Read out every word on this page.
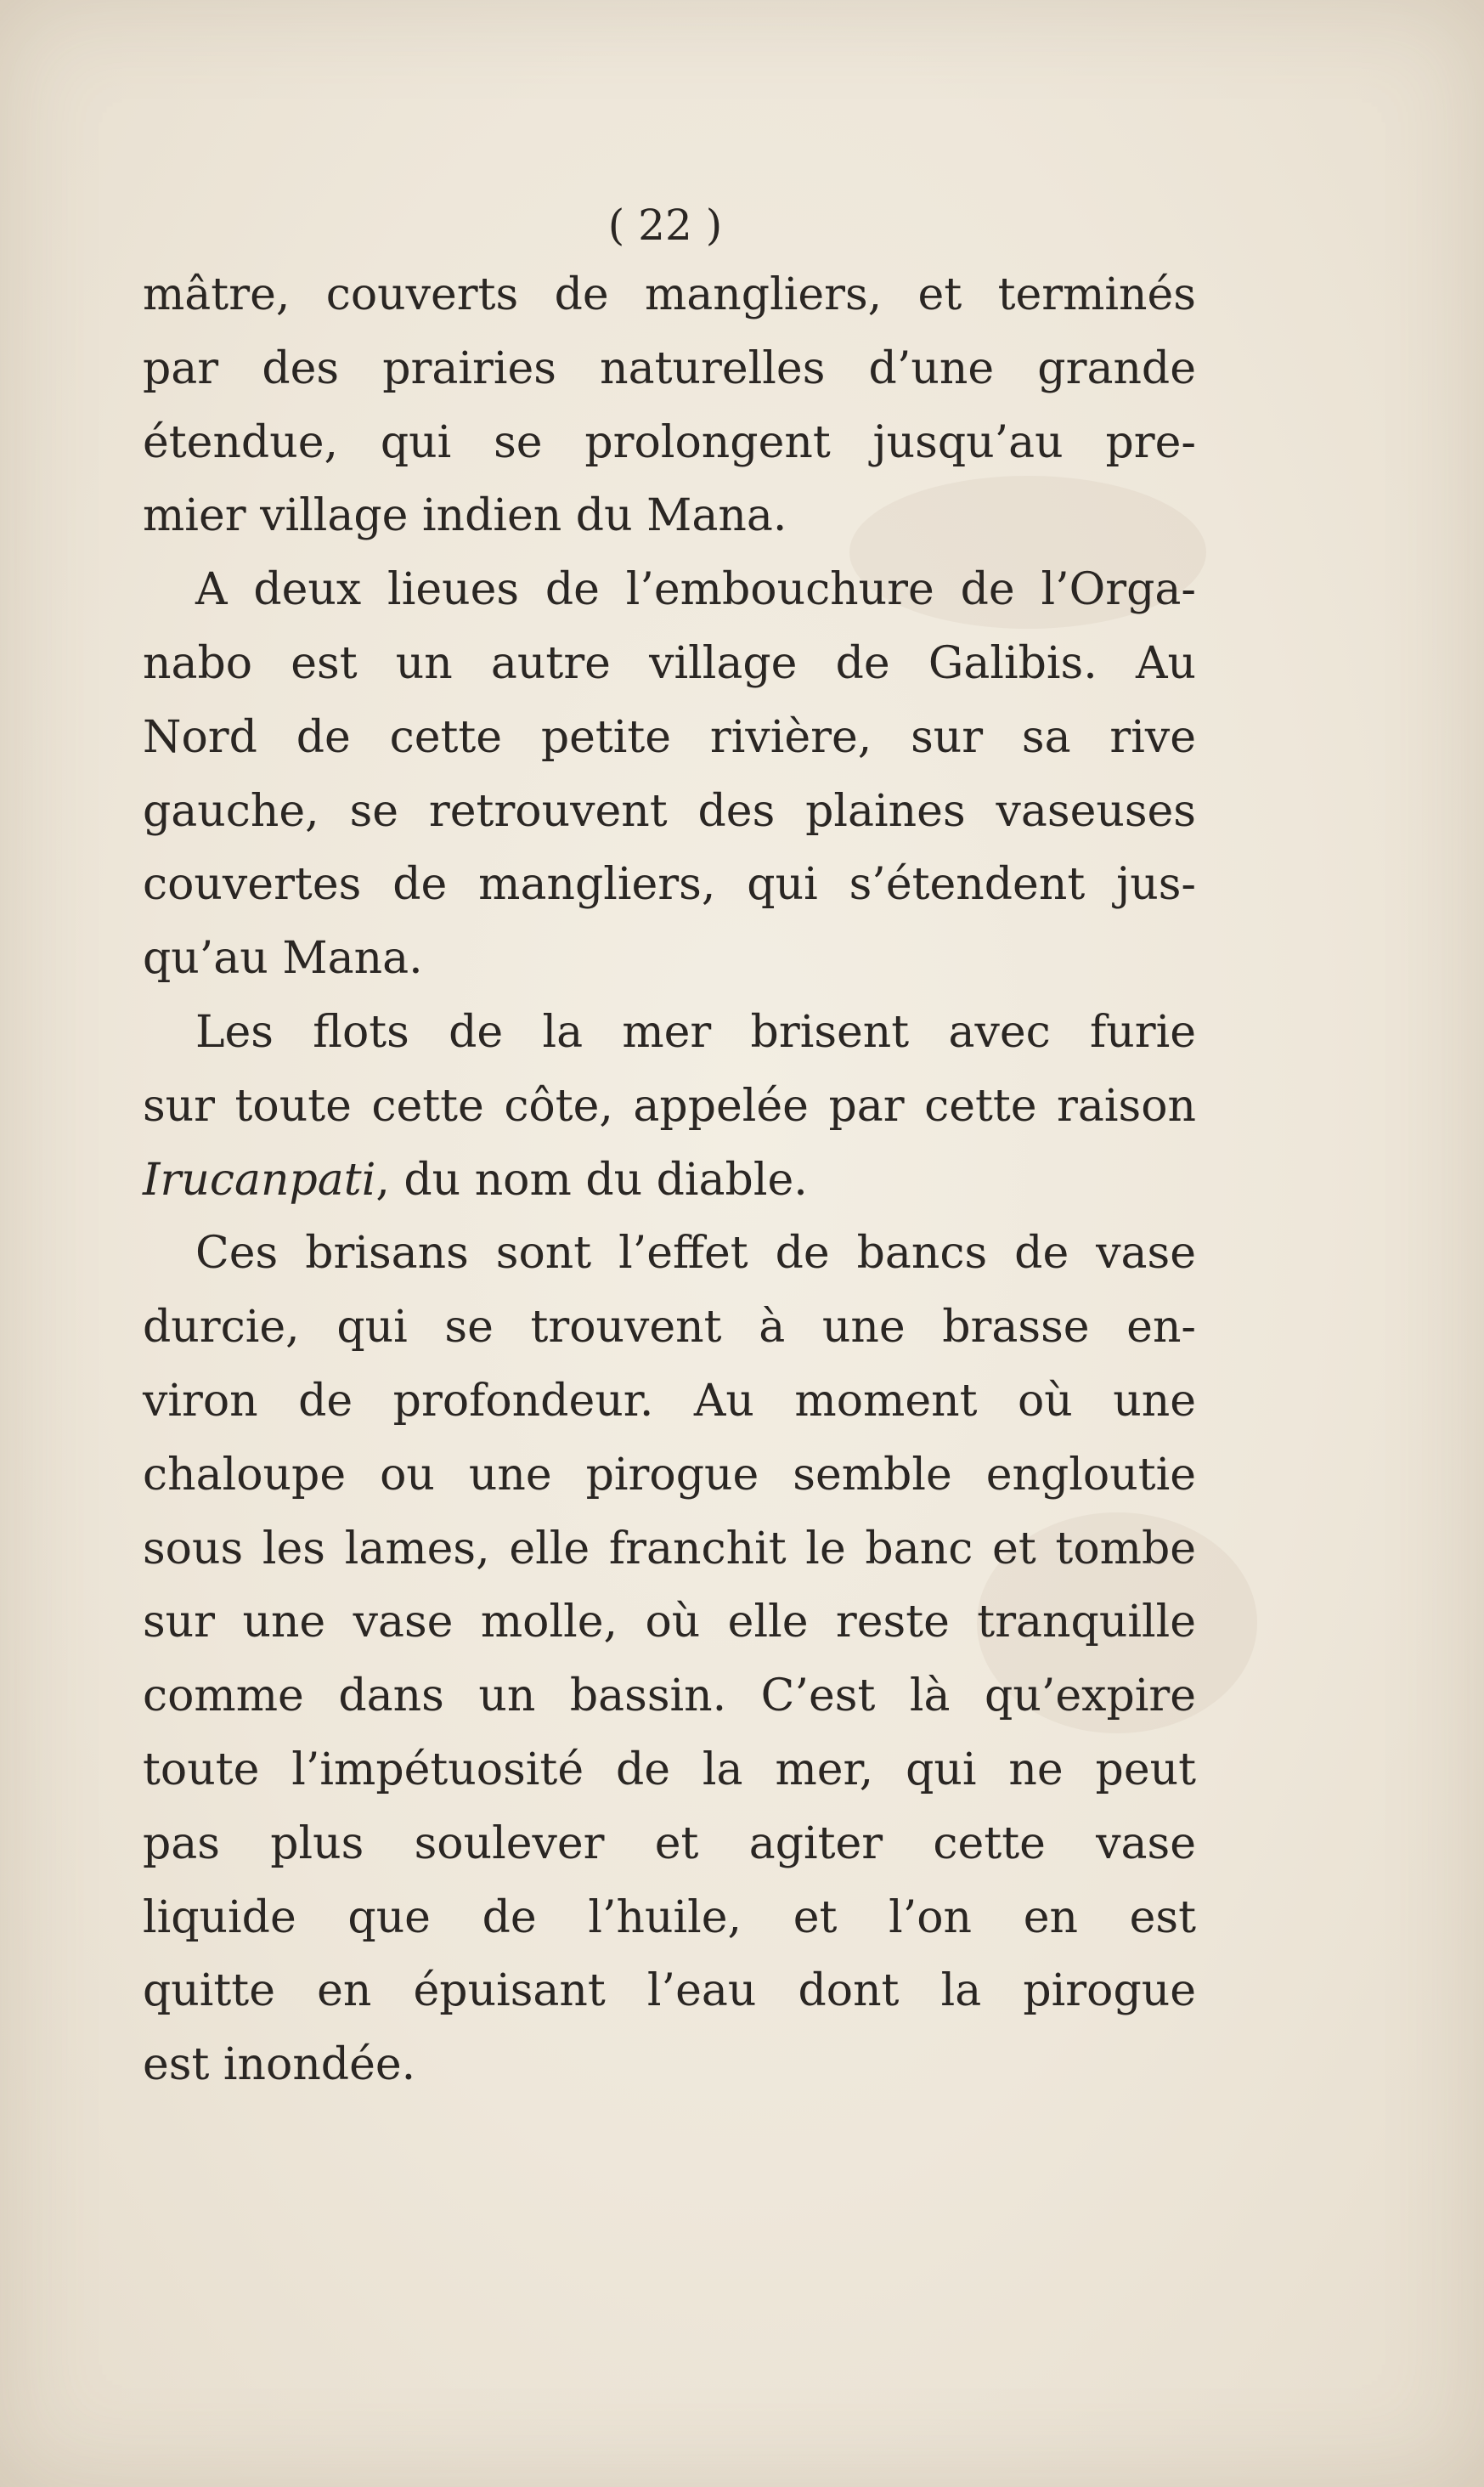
( 22 )
mâtre, couverts de mangliers, et terminés
par des prairies naturelles d’une grande
étendue, qui se prolongent jusqu’au pre-
mier village indien du Mana.
A deux lieues de l’embouchure de l’Orga-
nabo est un autre village de Galibis. Au
Nord de cette petite rivière, sur sa rive
gauche, se retrouvent des plaines vaseuses
couvertes de mangliers, qui s’étendent jus-
qu’au Mana.
Les flots de la mer brisent avec furie
sur toute cette côte, appelée par cette raison
Irucanpati, du nom du diable.
Ces brisans sont l’effet de bancs de vase
durcie, qui se trouvent à une brasse en-
viron de profondeur. Au moment où une
chaloupe ou une pirogue semble engloutie
sous les lames, elle franchit le banc et tombe
sur une vase molle, où elle reste tranquille
comme dans un bassin. C’est là qu’expire
toute l’impétuosité de la mer, qui ne peut
pas plus soulever et agiter cette vase
liquide que de l’huile, et l’on en est
quitte en épuisant l’eau dont la pirogue
est inondée.
